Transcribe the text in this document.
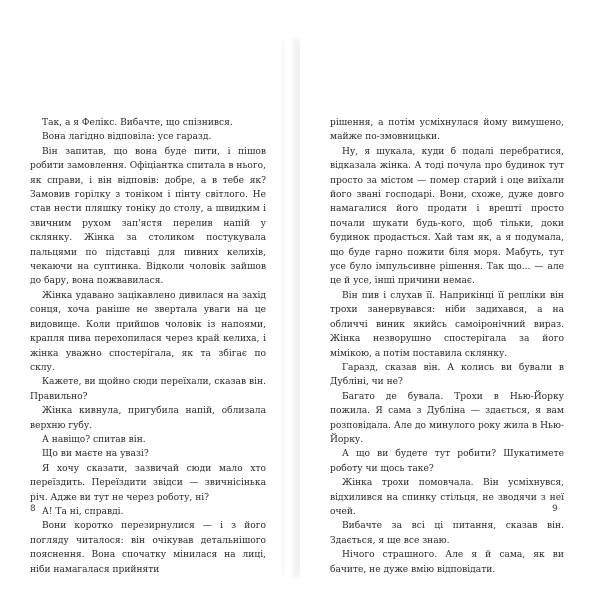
Так, а я Фелікс. Вибачте, що спізнився.

Вона лагідно відповіла: усе гаразд.

Він запитав, що вона буде пити, і пішов робити замовлення. Офіціантка спитала в нього, як справи, і він відповів: добре, а в тебе як? Замовив горілку з тоніком і пінту світлого. Не став нести пляшку тоніку до столу, а швидким і звичним рухом зап'ястя перелив напій у склянку. Жінка за столиком постукувала пальцями по підставці для пивних келихів, чекаючи на суптинка. Відколи чоловік зайшов до бару, вона пожвавилася.

Жінка удавано зацікавлено дивилася на захід сонця, хоча раніше не звертала уваги на це видовище. Коли прийшов чоловік із напоями, крапля пива перехопилася через край келиха, і жінка уважно спостерігала, як та збігає по склу.

Кажете, ви щойно сюди переїхали, сказав він. Правильно?

Жінка кивнула, пригубила напій, облизала верхню губу.

А навіщо? спитав він.

Що ви маєте на увазі?

Я хочу сказати, зазвичай сюди мало хто переїздить. Переїздити звідси — звичнісінька річ. Адже ви тут не через роботу, ні?

А! Та ні, справді.

Вони коротко перезирнулися — і з його погляду читалося: він очікував детальнішого пояснення. Вона спочатку мінилася на лиці, ніби намагалася прийняти

8

рішення, а потім усміхнулася йому вимушено, майже по-змовницьки.

Ну, я шукала, куди б подалі перебратися, відказала жінка. А тоді почула про будинок тут просто за містом — помер старий і оце виїхали його звані господарі. Вони, схоже, дуже довго намагалися його продати і врешті просто почали шукати будь-кого, щоб тільки, доки будинок продасться. Хай там як, а я подумала, що буде гарно пожити біля моря. Мабуть, тут усе було імпульсивне рішення. Так що... — але це й усе, інші причини немає.

Він пив і слухав її. Наприкінці її репліки він трохи занервувався: ніби задихався, а на обличчі виник якийсь самоіронічний вираз. Жінка незворушно спостерігала за його мімікою, а потім поставила склянку.

Гаразд, сказав він. А колись ви бували в Дубліні, чи не?

Багато де бувала. Трохи в Нью-Йорку пожила. Я сама з Дубліна — здається, я вам розповідала. Але до минулого року жила в Нью-Йорку.

А що ви будете тут робити? Шукатимете роботу чи щось таке?

Жінка трохи помовчала. Він усміхнувся, відхилився на спинку стільця, не зводячи з неї очей.

Вибачте за всі ці питання, сказав він. Здається, я ще все знаю.

Нічого страшного. Але я й сама, як ви бачите, не дуже вмію відповідати.

9
